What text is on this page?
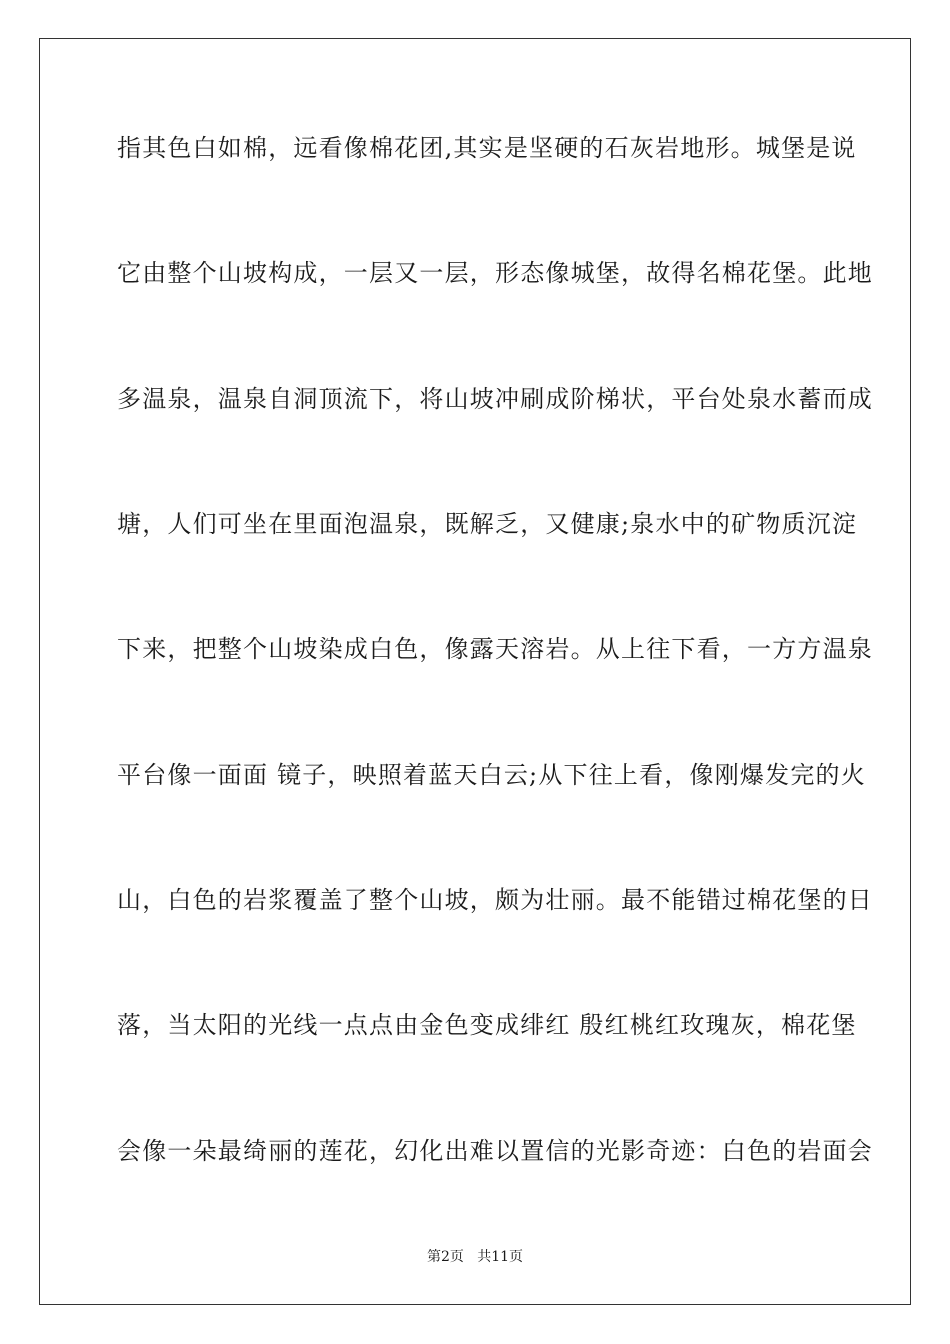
指其色白如棉，远看像棉花团,其实是坚硬的石灰岩地形。城堡是说
它由整个山坡构成，一层又一层，形态像城堡，故得名棉花堡。此地
多温泉，温泉自洞顶流下，将山坡冲刷成阶梯状，平台处泉水蓄而成
塘，人们可坐在里面泡温泉，既解乏，又健康;泉水中的矿物质沉淀
下来，把整个山坡染成白色，像露天溶岩。从上往下看，一方方温泉
平台像一面面 镜子，映照着蓝天白云;从下往上看，像刚爆发完的火
山，白色的岩浆覆盖了整个山坡，颇为壮丽。最不能错过棉花堡的日
落，当太阳的光线一点点由金色变成绯红 殷红桃红玫瑰灰，棉花堡
会像一朵最绮丽的莲花，幻化出难以置信的光影奇迹：白色的岩面会
第2页   共11页
